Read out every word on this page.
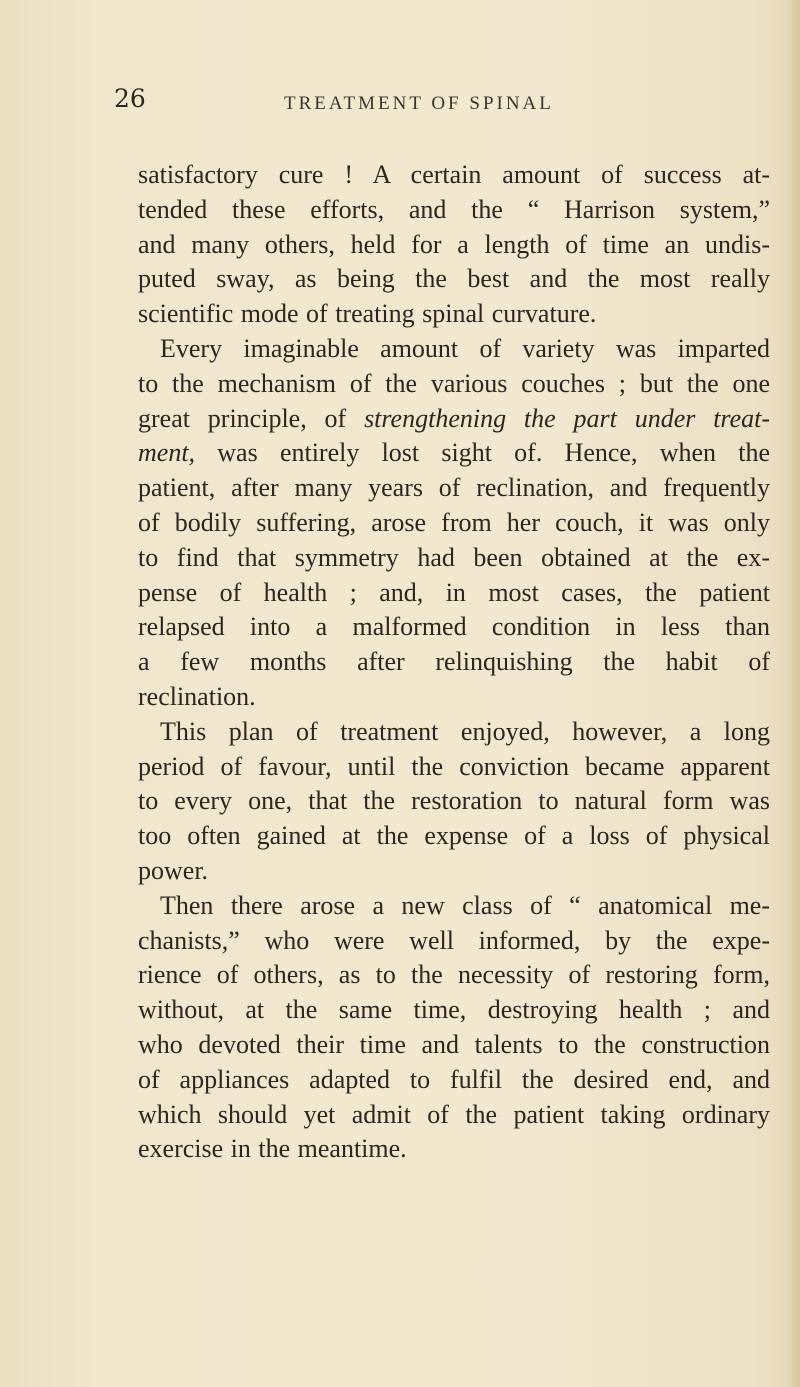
26	TREATMENT OF SPINAL
satisfactory cure ! A certain amount of success at-
tended these efforts, and the “ Harrison system,”
and many others, held for a length of time an undis-
puted sway, as being the best and the most really
scientific mode of treating spinal curvature.
Every imaginable amount of variety was imparted
to the mechanism of the various couches ; but the one
great principle, of strengthening the part under treat-
ment, was entirely lost sight of. Hence, when the
patient, after many years of reclination, and frequently
of bodily suffering, arose from her couch, it was only
to find that symmetry had been obtained at the ex-
pense of health ; and, in most cases, the patient
relapsed into a malformed condition in less than
a few months after relinquishing the habit of
reclination.
This plan of treatment enjoyed, however, a long
period of favour, until the conviction became apparent
to every one, that the restoration to natural form was
too often gained at the expense of a loss of physical
power.
Then there arose a new class of “ anatomical me-
chanists,” who were well informed, by the expe-
rience of others, as to the necessity of restoring form,
without, at the same time, destroying health ; and
who devoted their time and talents to the construction
of appliances adapted to fulfil the desired end, and
which should yet admit of the patient taking ordinary
exercise in the meantime.
